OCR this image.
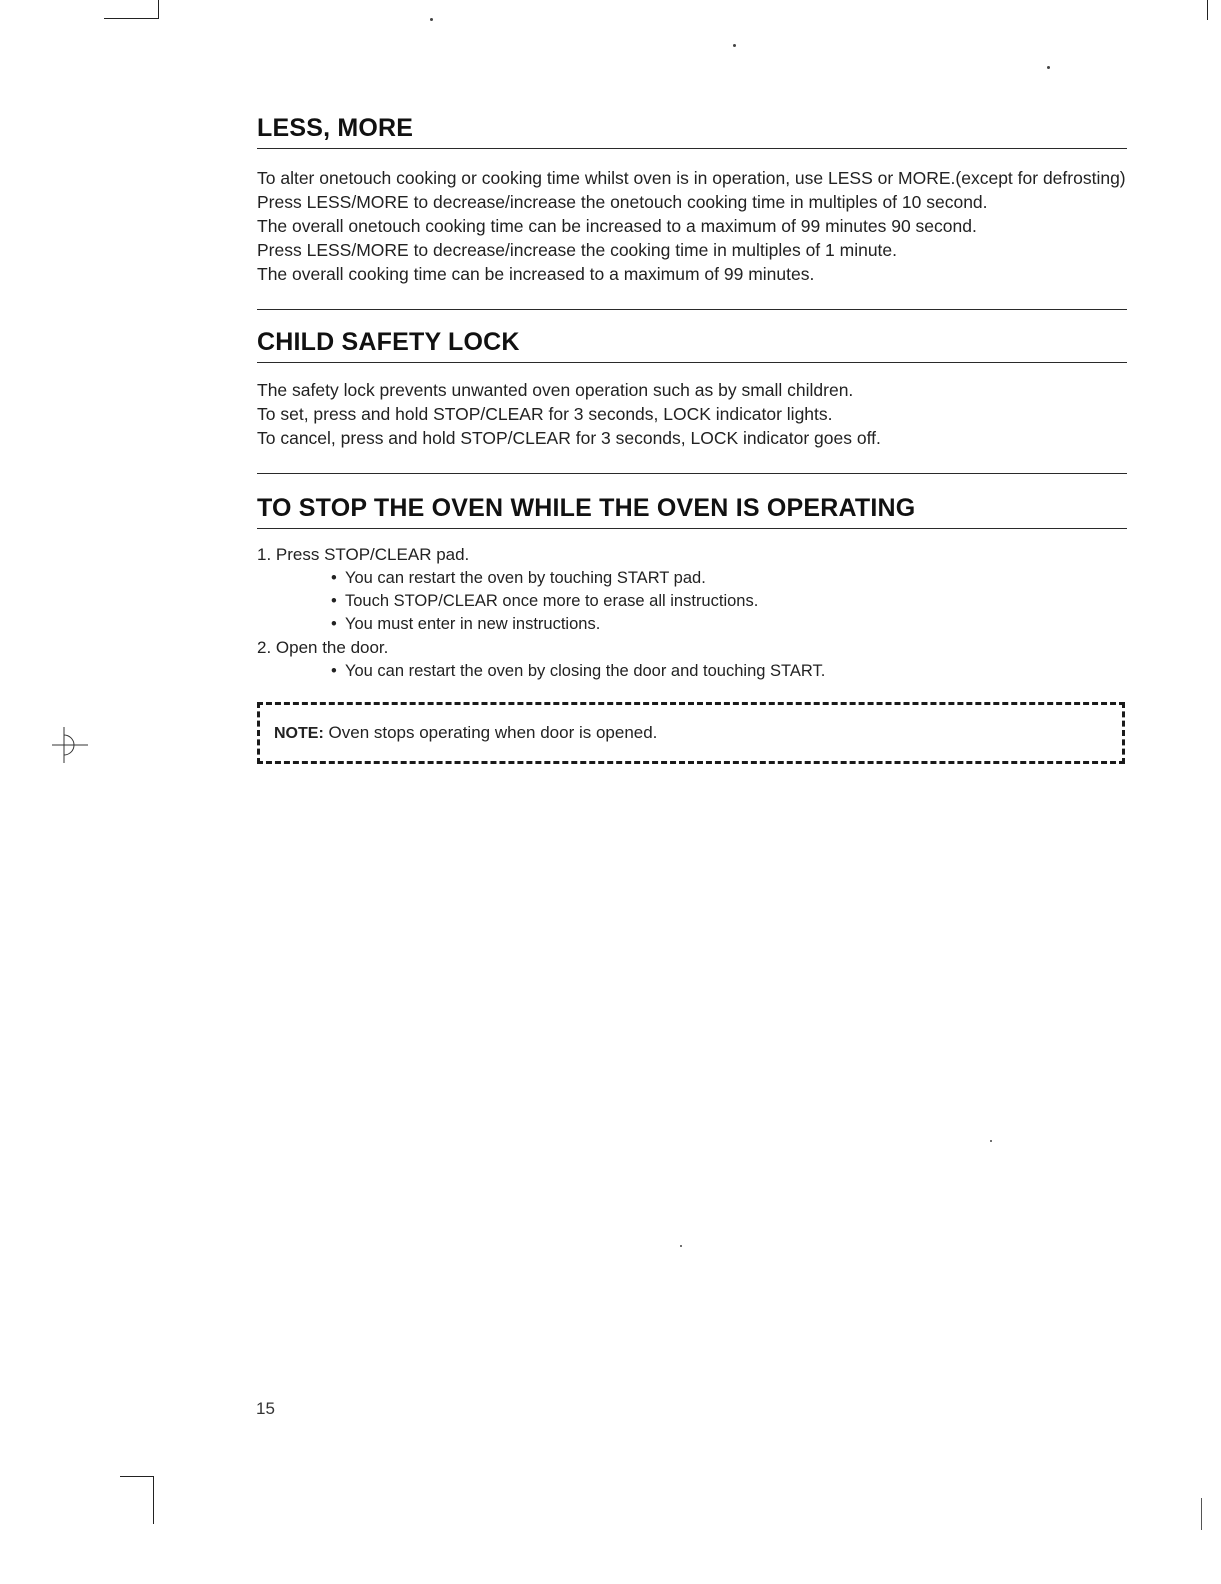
LESS, MORE

To alter onetouch cooking or cooking time whilst oven is in operation, use LESS or MORE.(except for defrosting) Press LESS/MORE to decrease/increase the onetouch cooking time in multiples of 10 second.

The overall onetouch cooking time can be increased to a maximum of 99 minutes 90 second.

Press LESS/MORE to decrease/increase the cooking time in multiples of 1 minute.

The overall cooking time can be increased to a maximum of 99 minutes.

CHILD SAFETY LOCK

The safety lock prevents unwanted oven operation such as by small children.

To set, press and hold STOP/CLEAR for 3 seconds, LOCK indicator lights.

To cancel, press and hold STOP/CLEAR for 3 seconds, LOCK indicator goes off.

TO STOP THE OVEN WHILE THE OVEN IS OPERATING
1. Press STOP/CLEAR pad.
• You can restart the oven by touching START pad.
• Touch STOP/CLEAR once more to erase all instructions.
• You must enter in new instructions.
2. Open the door.
• You can restart the oven by closing the door and touching START.
NOTE: Oven stops operating when door is opened.
15
